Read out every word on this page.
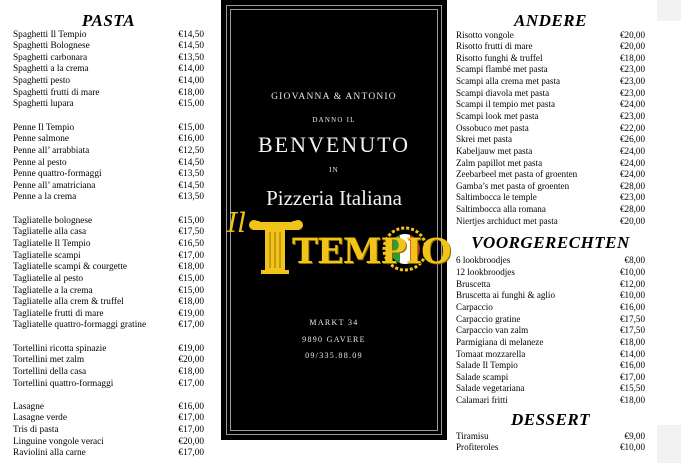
PASTA
Spaghetti Il Tempio	€14,50
Spaghetti Bolognese	€14,50
Spaghetti carbonara	€13,50
Spaghetti a la crema	€14,00
Spaghetti pesto	€14,00
Spaghetti frutti di mare	€18,00
Spaghetti lupara	€15,00
Penne Il Tempio	€15,00
Penne salmone	€16,00
Penne all’ arrabbiata	€12,50
Penne al pesto	€14,50
Penne quattro-formaggi	€13,50
Penne all’ amatriciana	€14,50
Penne a la crema	€13,50
Tagliatelle bolognese	€15,00
Tagliatelle alla casa	€17,50
Tagliatelle Il Tempio	€16,50
Tagliatelle scampi	€17,00
Tagliatelle scampi & courgette	€18,00
Tagliatelle al pesto	€15,00
Tagliatelle a la crema	€15,00
Tagliatelle alla crem & truffel	€18,00
Tagliatelle frutti di mare	€19,00
Tagliatelle quattro-formaggi gratine	€17,00
Tortellini ricotta spinazie	€19,00
Tortellini met zalm	€20,00
Tortellini della casa	€18,00
Tortellini quattro-formaggi	€17,00
Lasagne	€16,00
Lasagne verde	€17,00
Tris di pasta	€17,00
Linguine vongole veraci	€20,00
Raviolini alla carne	€17,00
GIOVANNA & ANTONIO
DANNO IL
BENVENUTO
IN
Pizzeria Italiana
Il
TEMPIO
MARKT 34
9890 GAVERE
09/335.88.09
ANDERE
Risotto vongole	€20,00
Risotto frutti di mare	€20,00
Risotto funghi & truffel	€18,00
Scampi flambé met pasta	€23,00
Scampi alla crema met pasta	€23,00
Scampi diavola met pasta	€23,00
Scampi il tempio met pasta	€24,00
Scampi look met pasta	€23,00
Ossobuco met pasta	€22,00
Skrei met pasta	€26,00
Kabeljauw met pasta	€24,00
Zalm papillot met pasta	€24,00
Zeebarbeel met pasta of groenten	€24,00
Gamba’s met pasta of groenten	€28,00
Saltimbocca le temple	€23,00
Saltimbocca alla romana	€28,00
Niertjes archiduct met pasta	€20,00
VOORGERECHTEN
6 lookbroodjes	€8,00
12 lookbroodjes	€10,00
Bruscetta	€12,00
Bruscetta ai funghi & aglio	€10,00
Carpaccio	€16,00
Carpaccio gratine	€17,50
Carpaccio van zalm	€17,50
Parmigiana di melaneze	€18,00
Tomaat mozzarella	€14,00
Salade Il Tempio	€16,00
Salade scampi	€17,00
Salade vegetariana	€15,50
Calamari fritti	€18,00
DESSERT
Tiramisu	€9,00
Profiteroles	€10,00
